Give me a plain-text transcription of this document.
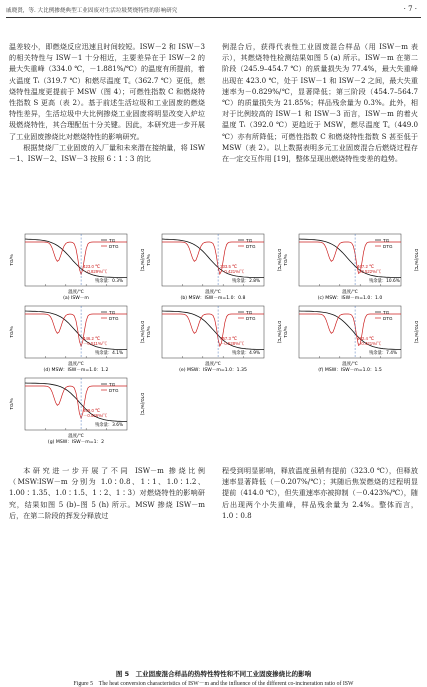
戚晓贤，等. 大比例掺烧典型工业固废对生活垃圾焚烧特性的影响研究	· 7 ·

温差较小，即燃烧反应迅速且时间较短。ISW－2 和 ISW－3 的相关特性与 ISW－1 十分相近，主要差异在于 ISW－2 的最大失重峰（334.0 ℃，－1.881%/℃）的温度有所提前，着火温度 Tᵢ（319.7 ℃）和燃尽温度 T꜀（362.7 ℃）更低，燃烧特性温度更提前于 MSW（图 4）；可燃性指数 C 和燃烧特性指数 S 更高（表 2）。基于前述生活垃圾和工业固废的燃烧特性差异，生活垃圾中大比例掺烧工业固废将明显改变入炉垃圾燃烧特性，其合理配伍十分关键。因此，本研究进一步开展了工业固废掺烧比对燃烧特性的影响研究。

根据焚烧厂工业固废的入厂量和未来潜在接纳量，将 ISW－1、ISW－2、ISW－3 按照 6∶1∶3 的比

例混合后，获得代表性工业固废混合样品（用 ISW－m 表示），其燃烧特性检测结果如图 5 (a) 所示。ISW－m 在第二阶段（245.9–454.7 ℃）的质量损失为 77.4%，最大失重峰出现在 423.0 ℃，处于 ISW－1 和 ISW－2 之间，最大失重速率为－0.829%/℃，显著降低；第三阶段（454.7–564.7 ℃）的质量损失为 21.85%；样品残余量为 0.3%。此外，相对于比例较高的 ISW－1 和 ISW－3 而言，ISW－m 的着火温度 Tᵢ（392.0 ℃）更趋近于 MSW，燃尽温度 T꜀（449.0 ℃）亦有所降低；可燃性指数 C 和燃烧特性指数 S 甚至低于 MSW（表 2）。以上数据表明多元工业固废混合后燃烧过程存在一定交互作用 [19]，整体呈现出燃烧特性变差的趋势。

图 5　工业固废混合样品的热特性特性和不同工业固废掺烧比的影响
Figure 5　The heat conversion characteristics of ISW－m and the influence of the different co-incineration ratio of ISW
TG
DTG
423.0 ℃
－0.829%/℃
残余量：0.3%
TG/%	DTG/(%/℃)
温度/℃
(a) ISW－m
TG
DTG
333.5 ℃
－0.421%/℃
残余量：2.8%
TG/%	DTG/(%/℃)
温度/℃
(b) MSW：ISW－m=1.0：0.8
TG
DTG
467.2 ℃
－0.522%/℃
残余量：10.6%
TG/%	DTG/(%/℃)
温度/℃
(c) MSW：ISW－m=1.0：1.0
TG
DTG
446.2 ℃
－0.511%/℃
残余量：4.1%
TG/%	DTG/(%/℃)
温度/℃
(d) MSW：ISW－m=1.0：1.2
TG
DTG
457.3 ℃
－0.528%/℃
残余量：4.9%
TG/%	DTG/(%/℃)
温度/℃
(e) MSW：ISW－m=1.0：1.35
TG
DTG
462.4 ℃
－0.421%/℃
残余量：7.4%
TG/%	DTG/(%/℃)
温度/℃
(f) MSW：ISW－m=1.0：1.5
TG
DTG
409.0 ℃
－0.526%/℃
残余量：3.6%
TG/%	DTG/(%/℃)
温度/℃
(g) MSW：ISW－m=1：2
本研究进一步开展了不同 ISW－m 掺烧比例（MSW∶ISW－m 分别为 1.0∶0.8、1∶1、1.0∶1.2、1.00∶1.35、1.0∶1.5、1∶2、1∶3）对燃烧特性的影响研究，结果如图 5 (b)–图 5 (h) 所示。MSW 掺烧 ISW－m 后，在第二阶段的挥发分释放过
程受到明显影响，释放温度虽稍有提前（323.0 ℃），但释放速率显著降低（－0.207%/℃）；其随后焦炭燃烧的过程明显提前（414.0 ℃），但失重速率亦被抑制（－0.423%/℃），随后出现两个小失重峰，样品残余量为 2.4%。整体而言，1.0∶0.8
